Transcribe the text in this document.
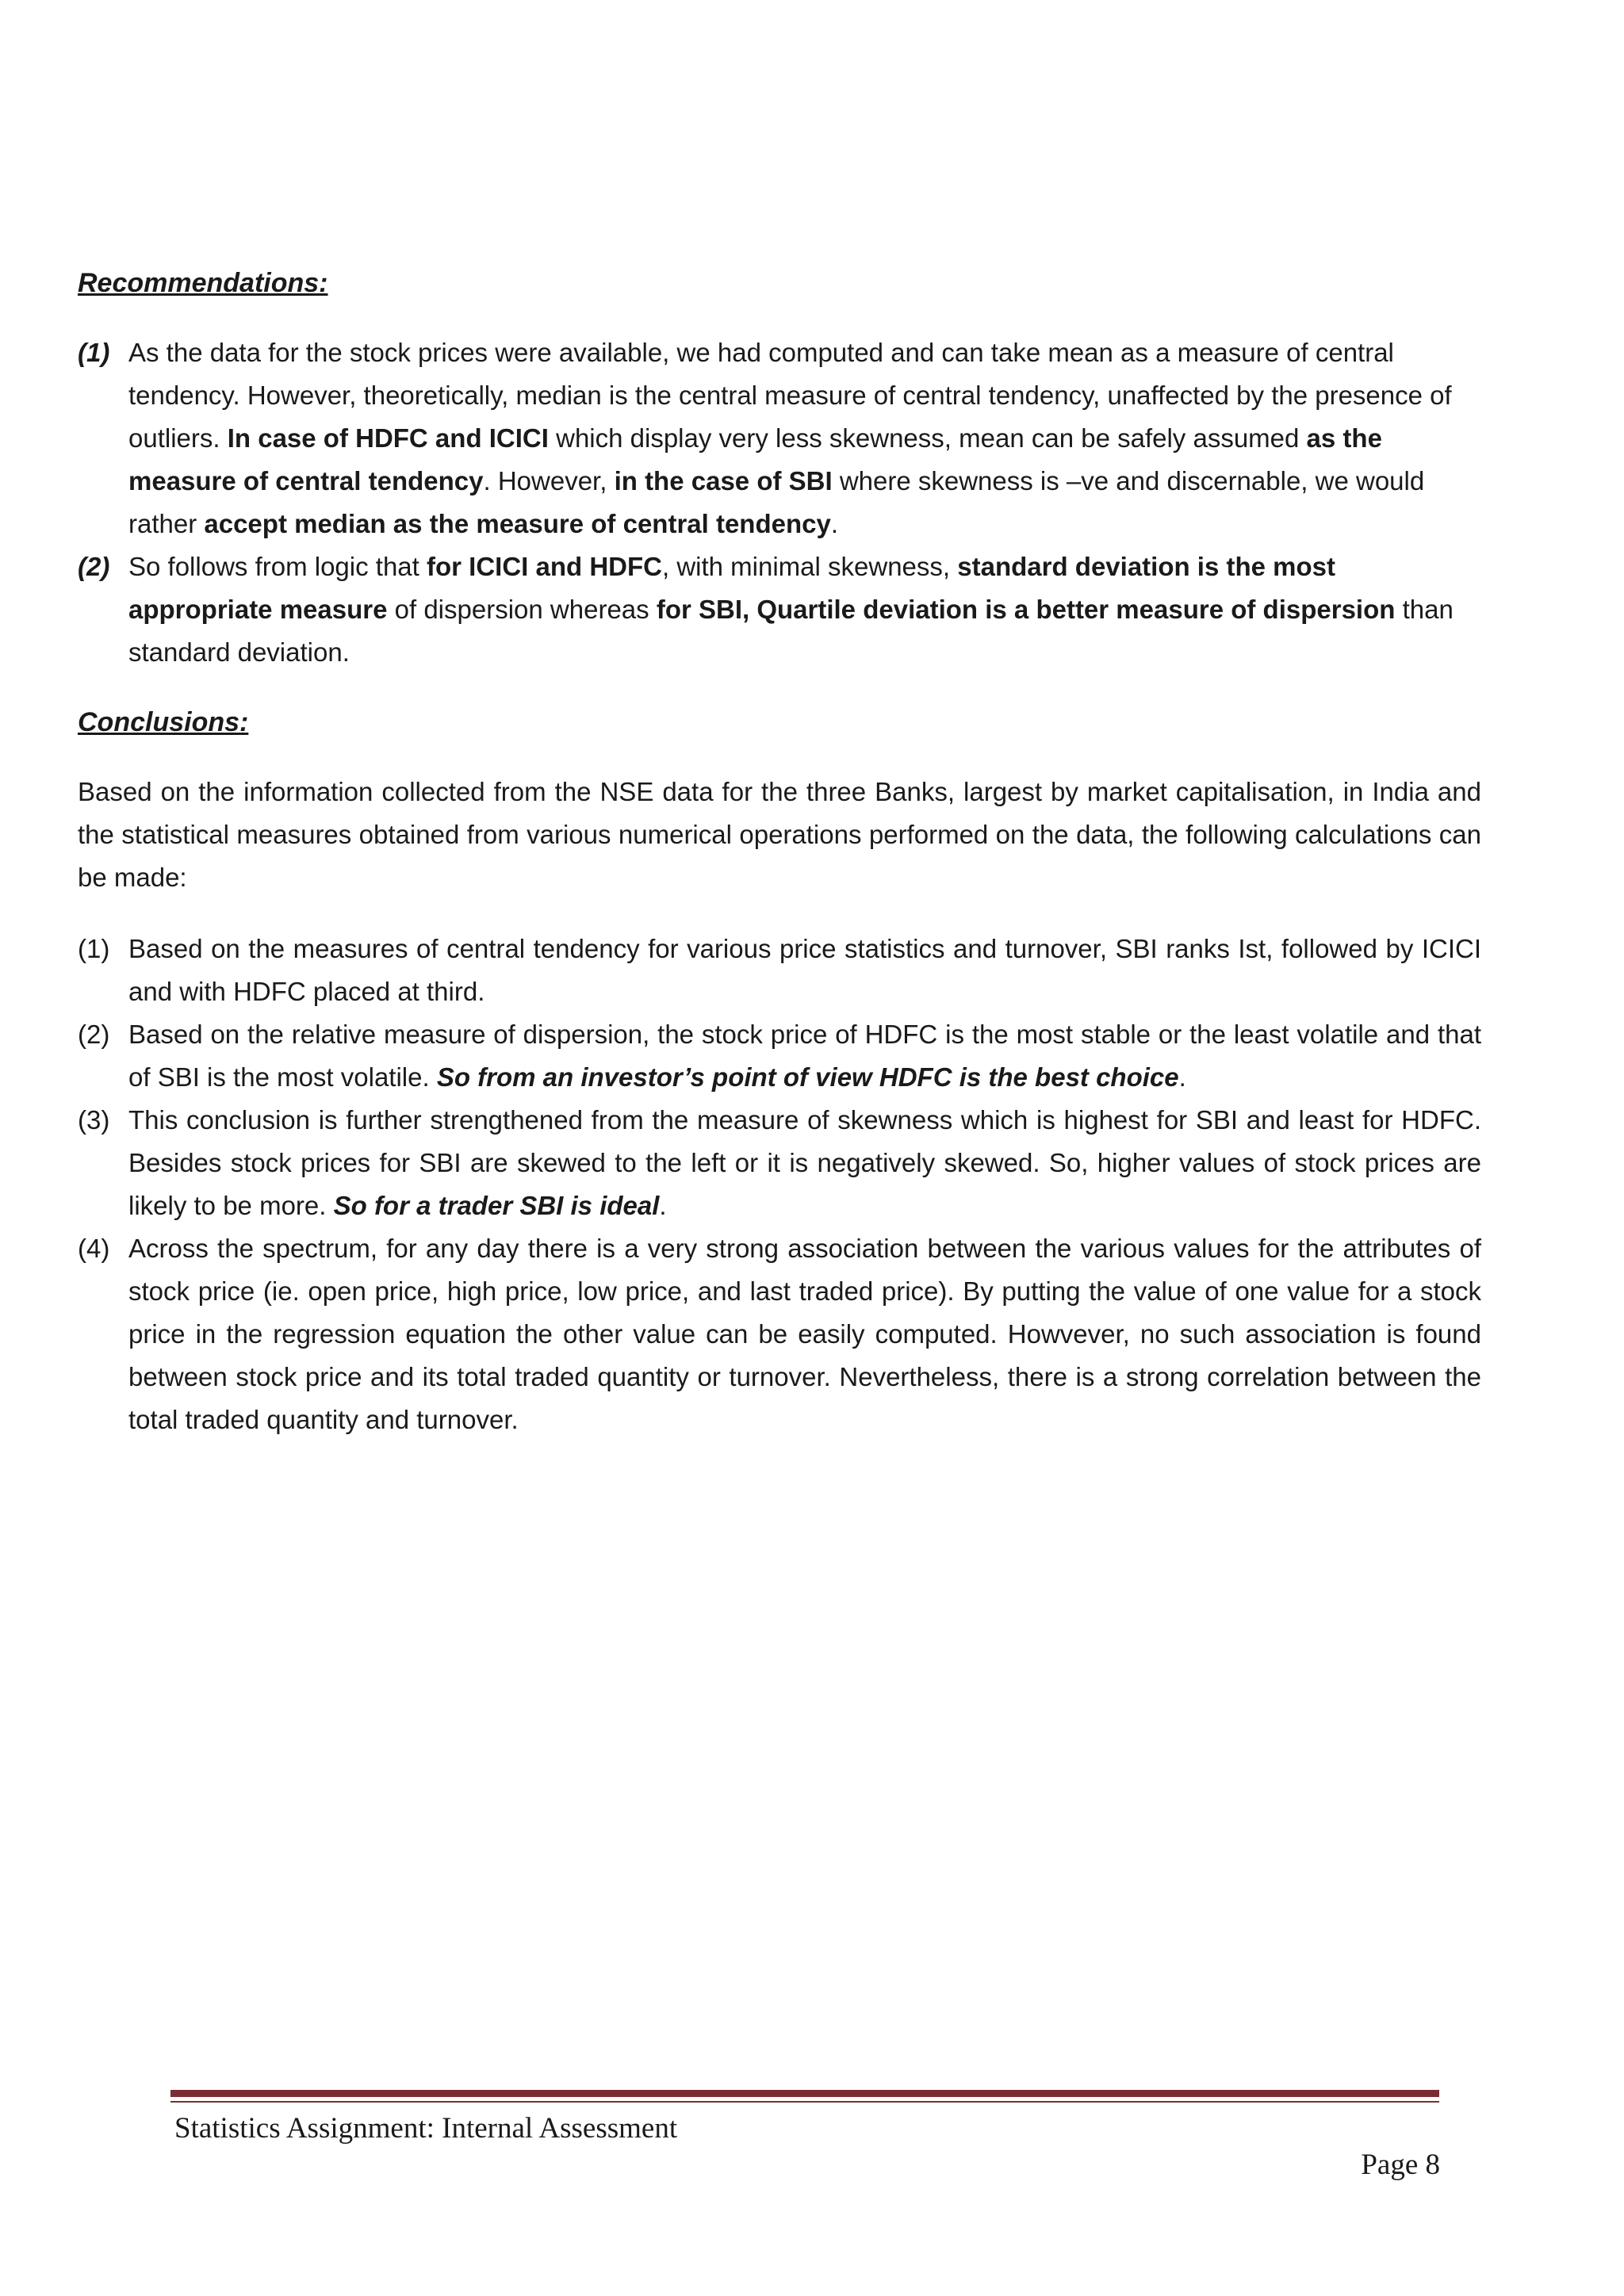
Recommendations:
(1) As the data for the stock prices were available, we had computed and can take mean as a measure of central tendency. However, theoretically, median is the central measure of central tendency, unaffected by the presence of outliers. In case of HDFC and ICICI which display very less skewness, mean can be safely assumed as the measure of central tendency. However, in the case of SBI where skewness is –ve and discernable, we would rather accept median as the measure of central tendency.
(2) So follows from logic that for ICICI and HDFC, with minimal skewness, standard deviation is the most appropriate measure of dispersion whereas for SBI, Quartile deviation is a better measure of dispersion than standard deviation.
Conclusions:

Based on the information collected from the NSE data for the three Banks, largest by market capitalisation, in India and the statistical measures obtained from various numerical operations performed on the data, the following calculations can be made:

(1) Based on the measures of central tendency for various price statistics and turnover, SBI ranks Ist, followed by ICICI and with HDFC placed at third.
(2) Based on the relative measure of dispersion, the stock price of HDFC is the most stable or the least volatile and that of SBI is the most volatile. So from an investor’s point of view HDFC is the best choice.
(3) This conclusion is further strengthened from the measure of skewness which is highest for SBI and least for HDFC. Besides stock prices for SBI are skewed to the left or it is negatively skewed. So, higher values of stock prices are likely to be more. So for a trader SBI is ideal.
(4) Across the spectrum, for any day there is a very strong association between the various values for the attributes of stock price (ie. open price, high price, low price, and last traded price). By putting the value of one value for a stock price in the regression equation the other value can be easily computed. Howvever, no such association is found between stock price and its total traded quantity or turnover. Nevertheless, there is a strong correlation between the total traded quantity and turnover.
Statistics Assignment: Internal Assessment
Page 8
